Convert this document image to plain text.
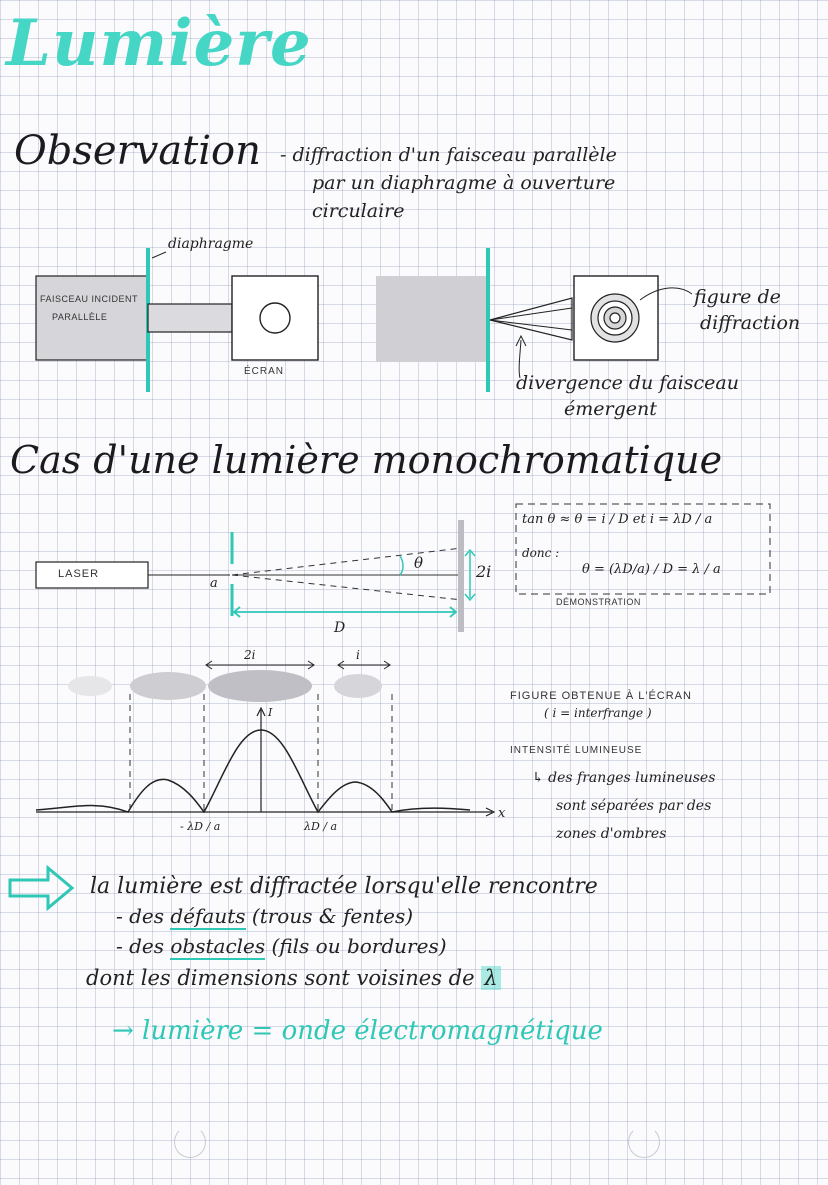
Lumière
Observation - diffraction d'un faisceau parallèle
par un diaphragme à ouverture
circulaire
diaphragme
FAISCEAU INCIDENT
PARALLÈLE
ÉCRAN
figure de
diffraction
divergence du faisceau
émergent
Cas d'une lumière monochromatique
LASER
a
θ	2i
D
tan θ ≈ θ = i / D et i = λD / a
donc :
θ = (λD/a) / D = λ / a
DÉMONSTRATION
2i	i
I
x
- λD / a	λD / a
FIGURE OBTENUE À L'ÉCRAN
( i = interfrange )
INTENSITÉ LUMINEUSE
↳ des franges lumineuses
sont séparées par des
zones d'ombres
la lumière est diffractée lorsqu'elle rencontre
- des défauts (trous & fentes)
- des obstacles (fils ou bordures)
dont les dimensions sont voisines de λ
→ lumière = onde électromagnétique
